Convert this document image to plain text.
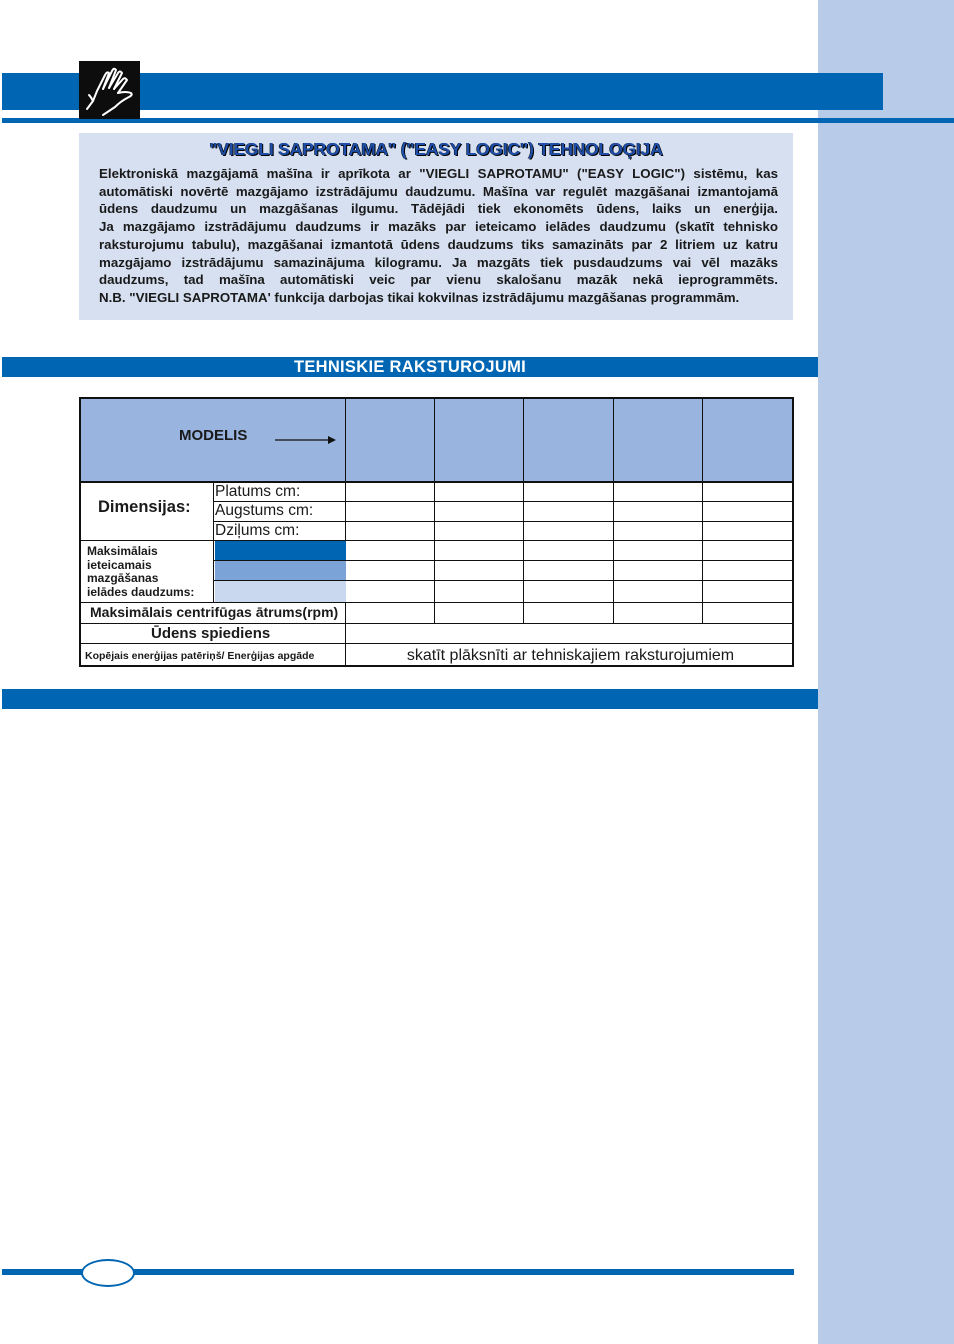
"VIEGLI SAPROTAMA" ("EASY LOGIC") TEHNOLOĢIJA
Elektroniskā mazgājamā mašīna ir aprīkota ar "VIEGLI SAPROTAMU" ("EASY LOGIC") sistēmu, kas
automātiski novērtē mazgājamo izstrādājumu daudzumu. Mašīna var regulēt mazgāšanai izmantojamā
ūdens daudzumu un mazgāšanas ilgumu. Tādējādi tiek ekonomēts ūdens, laiks un enerģija.
Ja mazgājamo izstrādājumu daudzums ir mazāks par ieteicamo ielādes daudzumu (skatīt tehnisko
raksturojumu tabulu), mazgāšanai izmantotā ūdens daudzums tiks samazināts par 2 litriem uz katru
mazgājamo izstrādājumu samazinājuma kilogramu. Ja mazgāts tiek pusdaudzums vai vēl mazāks
daudzums, tad mašīna automātiski veic par vienu skalošanu mazāk nekā ieprogrammēts.
N.B. "VIEGLI SAPROTAMA' funkcija darbojas tikai kokvilnas izstrādājumu mazgāšanas programmām.
TEHNISKIE RAKSTUROJUMI
MODELIS
Dimensijas:
Platums cm:
Augstums cm:
Dziļums cm:
Maksimālais
ieteicamais
mazgāšanas
ielādes daudzums:
Maksimālais centrifūgas ātrums(rpm)
Ūdens spiediens
Kopējais enerģijas patēriņš/ Enerģijas apgāde	skatīt plāksnīti ar tehniskajiem raksturojumiem
